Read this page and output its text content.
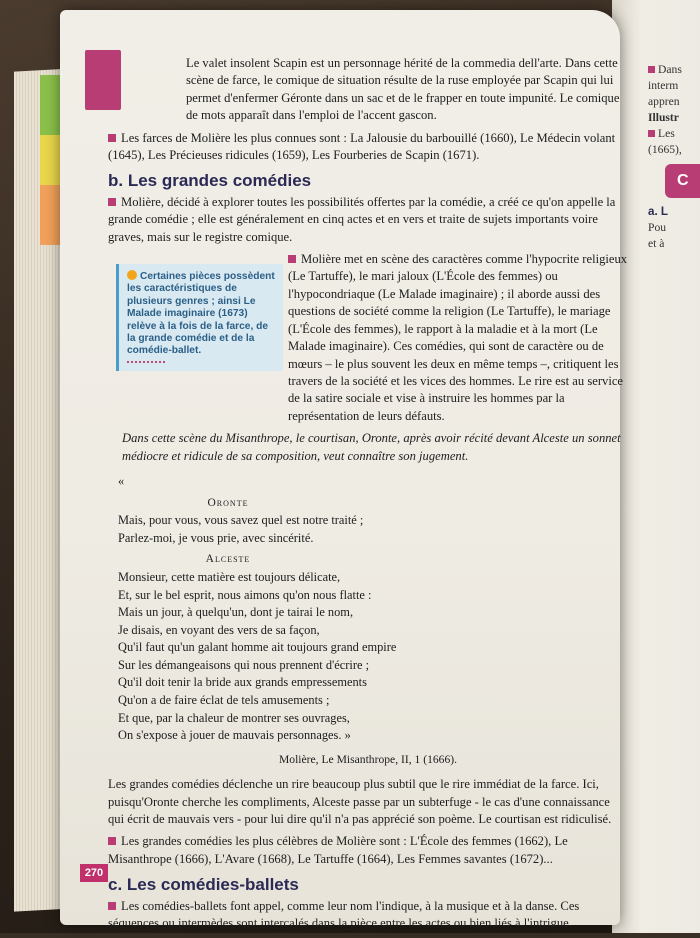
Le valet insolent Scapin est un personnage hérité de la commedia dell'arte. Dans cette scène de farce, le comique de situation résulte de la ruse employée par Scapin qui lui permet d'enfermer Géronte dans un sac et de le frapper en toute impunité. Le comique de mots apparaît dans l'emploi de l'accent gascon.

Les farces de Molière les plus connues sont : La Jalousie du barbouillé (1660), Le Médecin volant (1645), Les Précieuses ridicules (1659), Les Fourberies de Scapin (1671).

b. Les grandes comédies

Molière, décidé à explorer toutes les possibilités offertes par la comédie, a créé ce qu'on appelle la grande comédie ; elle est généralement en cinq actes et en vers et traite de sujets importants voire graves, mais sur le registre comique.

Molière met en scène des caractères comme l'hypocrite religieux (Le Tartuffe), le mari jaloux (L'École des femmes) ou l'hypocondriaque (Le Malade imaginaire) ; il aborde aussi des questions de société comme la religion (Le Tartuffe), le mariage (L'École des femmes), le rapport à la maladie et à la mort (Le Malade imaginaire). Ces comédies, qui sont de caractère ou de mœurs – le plus souvent les deux en même temps –, critiquent les travers de la société et les vices des hommes. Le rire est au service de la satire sociale et vise à instruire les hommes par la représentation de leurs défauts.

Dans cette scène du Misanthrope, le courtisan, Oronte, après avoir récité devant Alceste un sonnet médiocre et ridicule de sa composition, veut connaître son jugement.

«
Oronte
Mais, pour vous, vous savez quel est notre traité ;
Parlez-moi, je vous prie, avec sincérité.
Alceste
Monsieur, cette matière est toujours délicate,
Et, sur le bel esprit, nous aimons qu'on nous flatte :
Mais un jour, à quelqu'un, dont je tairai le nom,
Je disais, en voyant des vers de sa façon,
Qu'il faut qu'un galant homme ait toujours grand empire
Sur les démangeaisons qui nous prennent d'écrire ;
Qu'il doit tenir la bride aux grands empressements
Qu'on a de faire éclat de tels amusements ;
Et que, par la chaleur de montrer ses ouvrages,
On s'expose à jouer de mauvais personnages. »
Molière, Le Misanthrope, II, 1 (1666).

Les grandes comédies déclenche un rire beaucoup plus subtil que le rire immédiat de la farce. Ici, puisqu'Oronte cherche les compliments, Alceste passe par un subterfuge - le cas d'une connaissance qui écrit de mauvais vers - pour lui dire qu'il n'a pas apprécié son poème. Le courtisan est ridiculisé.

Les grandes comédies les plus célèbres de Molière sont : L'École des femmes (1662), Le Misanthrope (1666), L'Avare (1668), Le Tartuffe (1664), Les Femmes savantes (1672)...

c. Les comédies-ballets

Les comédies-ballets font appel, comme leur nom l'indique, à la musique et à la danse. Ces séquences ou intermèdes sont intercalés dans la pièce entre les actes ou bien liés à l'intrigue.

Certaines pièces possèdent les caractéristiques de plusieurs genres ; ainsi Le Malade imaginaire (1673) relève à la fois de la farce, de la grande comédie et de la comédie-ballet.
270
Dans
interm
appren
Illustr
Les
(1665),
C
a. L
Pou
et à
